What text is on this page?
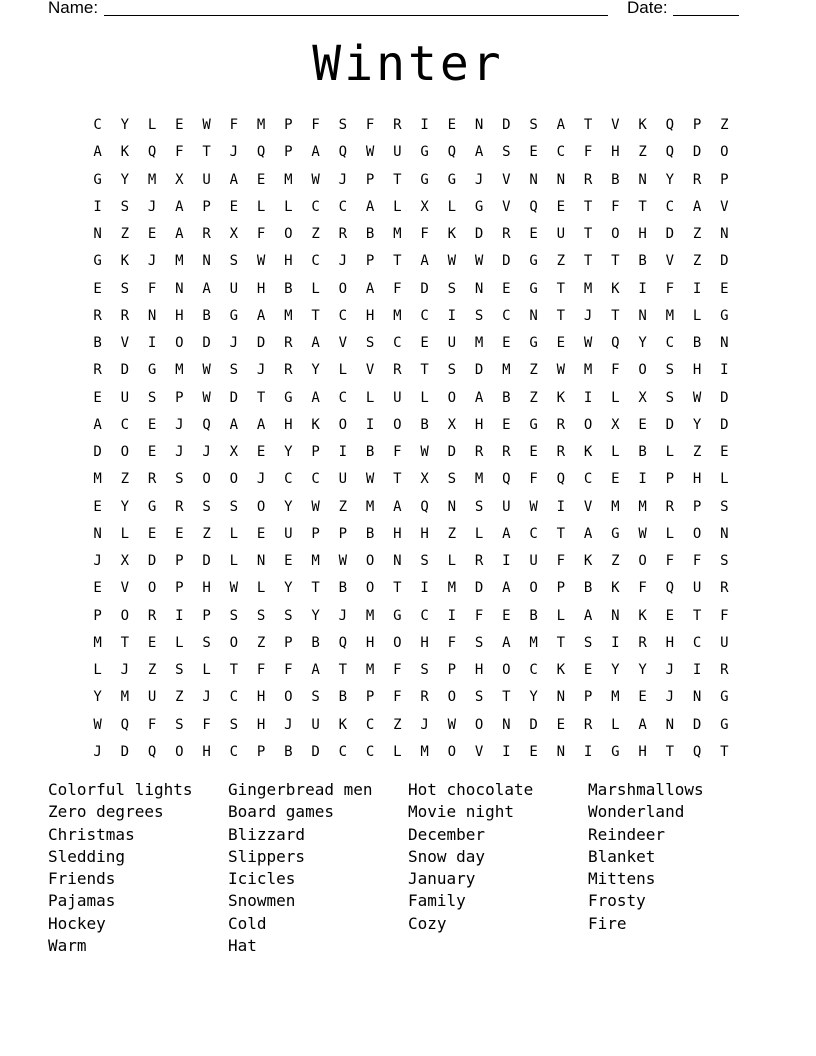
Name:	Date:
Winter
C	Y	L	E	W	F	M	P	F	S	F	R	I	E	N	D	S	A	T	V	K	Q	P	Z
A	K	Q	F	T	J	Q	P	A	Q	W	U	G	Q	A	S	E	C	F	H	Z	Q	D	O
G	Y	M	X	U	A	E	M	W	J	P	T	G	G	J	V	N	N	R	B	N	Y	R	P
I	S	J	A	P	E	L	L	C	C	A	L	X	L	G	V	Q	E	T	F	T	C	A	V
N	Z	E	A	R	X	F	O	Z	R	B	M	F	K	D	R	E	U	T	O	H	D	Z	N
G	K	J	M	N	S	W	H	C	J	P	T	A	W	W	D	G	Z	T	T	B	V	Z	D
E	S	F	N	A	U	H	B	L	O	A	F	D	S	N	E	G	T	M	K	I	F	I	E
R	R	N	H	B	G	A	M	T	C	H	M	C	I	S	C	N	T	J	T	N	M	L	G
B	V	I	O	D	J	D	R	A	V	S	C	E	U	M	E	G	E	W	Q	Y	C	B	N
R	D	G	M	W	S	J	R	Y	L	V	R	T	S	D	M	Z	W	M	F	O	S	H	I
E	U	S	P	W	D	T	G	A	C	L	U	L	O	A	B	Z	K	I	L	X	S	W	D
A	C	E	J	Q	A	A	H	K	O	I	O	B	X	H	E	G	R	O	X	E	D	Y	D
D	O	E	J	J	X	E	Y	P	I	B	F	W	D	R	R	E	R	K	L	B	L	Z	E
M	Z	R	S	O	O	J	C	C	U	W	T	X	S	M	Q	F	Q	C	E	I	P	H	L
E	Y	G	R	S	S	O	Y	W	Z	M	A	Q	N	S	U	W	I	V	M	M	R	P	S
N	L	E	E	Z	L	E	U	P	P	B	H	H	Z	L	A	C	T	A	G	W	L	O	N
J	X	D	P	D	L	N	E	M	W	O	N	S	L	R	I	U	F	K	Z	O	F	F	S
E	V	O	P	H	W	L	Y	T	B	O	T	I	M	D	A	O	P	B	K	F	Q	U	R
P	O	R	I	P	S	S	S	Y	J	M	G	C	I	F	E	B	L	A	N	K	E	T	F
M	T	E	L	S	O	Z	P	B	Q	H	O	H	F	S	A	M	T	S	I	R	H	C	U
L	J	Z	S	L	T	F	F	A	T	M	F	S	P	H	O	C	K	E	Y	Y	J	I	R
Y	M	U	Z	J	C	H	O	S	B	P	F	R	O	S	T	Y	N	P	M	E	J	N	G
W	Q	F	S	F	S	H	J	U	K	C	Z	J	W	O	N	D	E	R	L	A	N	D	G
J	D	Q	O	H	C	P	B	D	C	C	L	M	O	V	I	E	N	I	G	H	T	Q	T
Colorful lights	Gingerbread men	Hot chocolate	Marshmallows
Zero degrees	Board games	Movie night	Wonderland
Christmas	Blizzard	December	Reindeer
Sledding	Slippers	Snow day	Blanket
Friends	Icicles	January	Mittens
Pajamas	Snowmen	Family	Frosty
Hockey	Cold	Cozy	Fire
Warm	Hat
